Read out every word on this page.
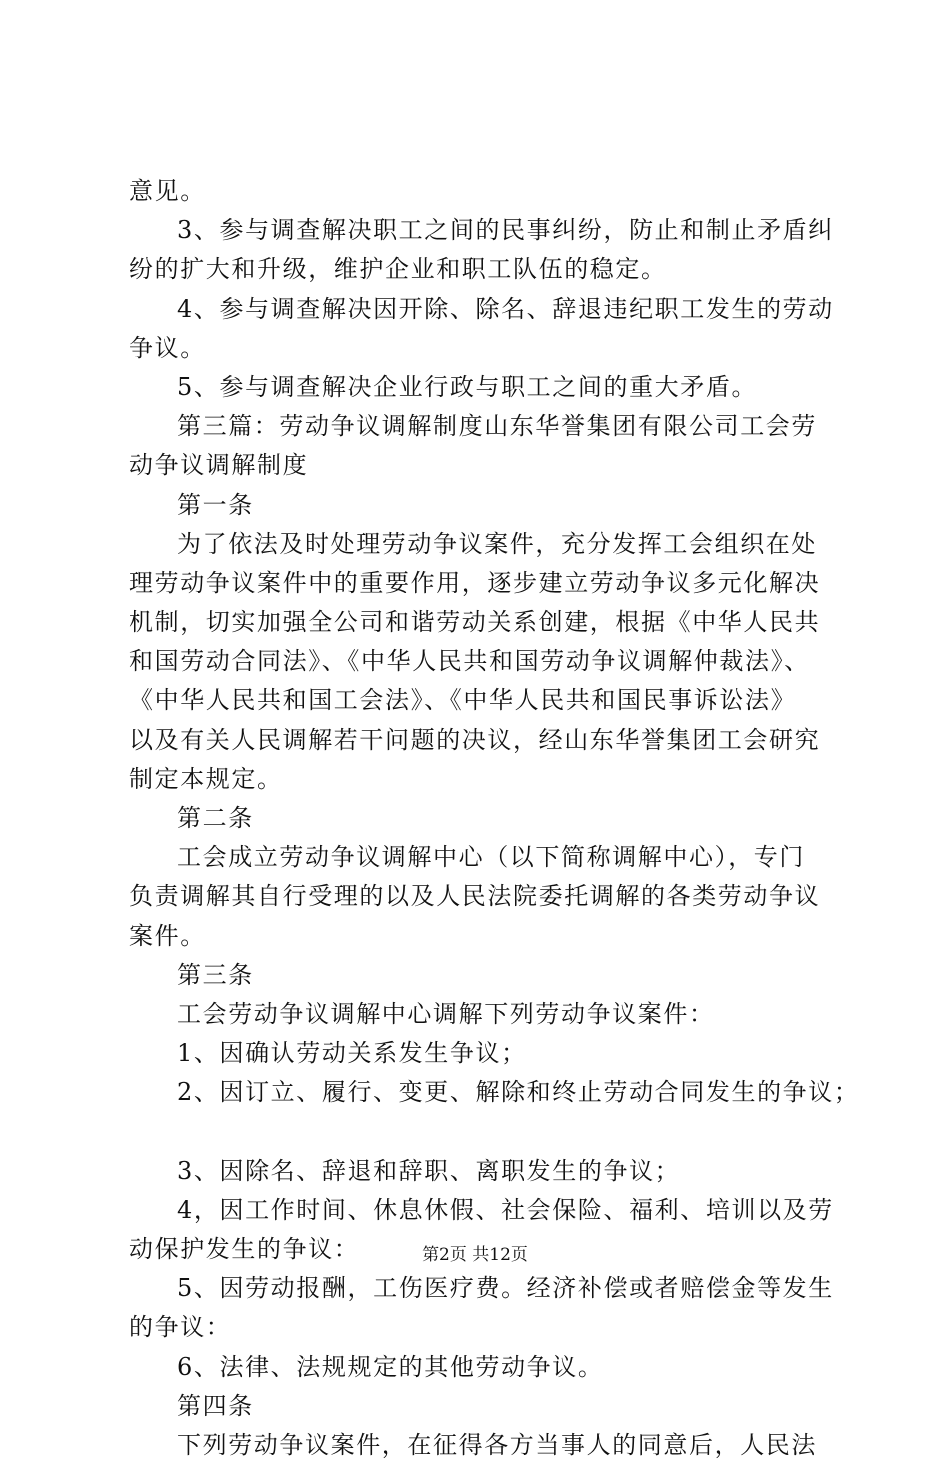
意见。
3、参与调查解决职工之间的民事纠纷，防止和制止矛盾纠
纷的扩大和升级，维护企业和职工队伍的稳定。
4、参与调查解决因开除、除名、辞退违纪职工发生的劳动
争议。
5、参与调查解决企业行政与职工之间的重大矛盾。
第三篇：劳动争议调解制度山东华誉集团有限公司工会劳
动争议调解制度
第一条
为了依法及时处理劳动争议案件，充分发挥工会组织在处
理劳动争议案件中的重要作用，逐步建立劳动争议多元化解决
机制，切实加强全公司和谐劳动关系创建，根据《中华人民共
和国劳动合同法》、《中华人民共和国劳动争议调解仲裁法》、
《中华人民共和国工会法》、《中华人民共和国民事诉讼法》
以及有关人民调解若干问题的决议，经山东华誉集团工会研究
制定本规定。
第二条
工会成立劳动争议调解中心（以下简称调解中心），专门
负责调解其自行受理的以及人民法院委托调解的各类劳动争议
案件。
第三条
工会劳动争议调解中心调解下列劳动争议案件：
1、因确认劳动关系发生争议；
2、因订立、履行、变更、解除和终止劳动合同发生的争议；
3、因除名、辞退和辞职、离职发生的争议；
4，因工作时间、休息休假、社会保险、福利、培训以及劳
动保护发生的争议：
5、因劳动报酬，工伤医疗费。经济补偿或者赔偿金等发生
的争议：
6、法律、法规规定的其他劳动争议。
第四条
下列劳动争议案件，在征得各方当事人的同意后，人民法
第2页 共12页
